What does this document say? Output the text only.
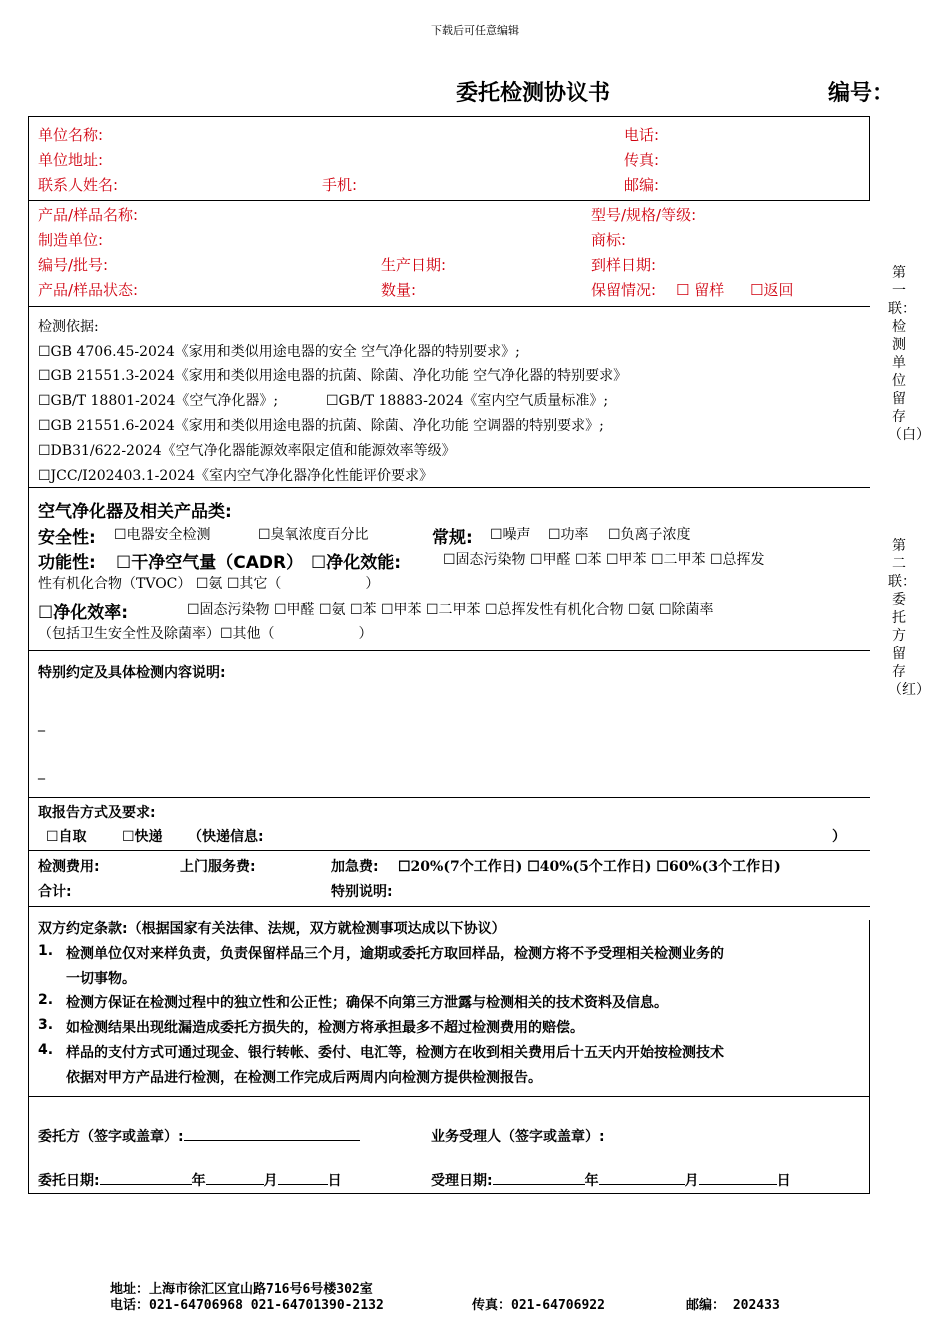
下载后可任意编辑
委托检测协议书	编号：
单位名称:	电话:
单位地址:	传真:
联系人姓名:	手机:	邮编:
产品/样品名称:	型号/规格/等级:
制造单位:	商标:
编号/批号:	生产日期:	到样日期:
产品/样品状态:	数量:	保留情况: ☐ 留样 ☐返回
检测依据:
☐GB 4706.45-2024《家用和类似用途电器的安全 空气净化器的特别要求》;
☐GB 21551.3-2024《家用和类似用途电器的抗菌、除菌、净化功能 空气净化器的特别要求》
☐GB/T 18801-2024《空气净化器》;	☐GB/T 18883-2024《室内空气质量标准》;
☐GB 21551.6-2024《家用和类似用途电器的抗菌、除菌、净化功能 空调器的特别要求》;
☐DB31/622-2024《空气净化器能源效率限定值和能源效率等级》
☐JCC/I202403.1-2024《室内空气净化器净化性能评价要求》
空气净化器及相关产品类:
安全性: ☐电器安全检测	☐臭氧浓度百分比	常规: ☐噪声 ☐功率 ☐负离子浓度
功能性: ☐干净空气量（CADR） ☐净化效能:	☐固态污染物 ☐甲醛 ☐苯 ☐甲苯 ☐二甲苯 ☐总挥发
性有机化合物（TVOC） ☐氨 ☐其它（　　　　　　）
☐净化效率:	☐固态污染物 ☐甲醛 ☐氨 ☐苯 ☐甲苯 ☐二甲苯 ☐总挥发性有机化合物 ☐氨 ☐除菌率
（包括卫生安全性及除菌率）☐其他（　　　　　　）
特别约定及具体检测内容说明:
_
_
取报告方式及要求:
☐自取	☐快递 （快递信息:	）
检测费用:	上门服务费:	加急费: ☐20%(7个工作日) ☐40%(5个工作日) ☐60%(3个工作日)
合计:	特别说明:
双方约定条款:（根据国家有关法律、法规，双方就检测事项达成以下协议）
1. 检测单位仅对来样负责，负责保留样品三个月，逾期或委托方取回样品，检测方将不予受理相关检测业务的
一切事物。
2. 检测方保证在检测过程中的独立性和公正性；确保不向第三方泄露与检测相关的技术资料及信息。
3. 如检测结果出现纰漏造成委托方损失的，检测方将承担最多不超过检测费用的赔偿。
4. 样品的支付方式可通过现金、银行转帐、委付、电汇等，检测方在收到相关费用后十五天内开始按检测技术
依据对甲方产品进行检测，在检测工作完成后两周内向检测方提供检测报告。
委托方（签字或盖章）:	业务受理人（签字或盖章）:
委托日期:	年	月	日	受理日期:	年	月	日
第一联：检测单位留存（白）
第二联：委托方留存（红）
地址：上海市徐汇区宜山路716号6号楼302室
电话：021-64706968 021-64701390-2132	传真：021-64706922	邮编： 202433
